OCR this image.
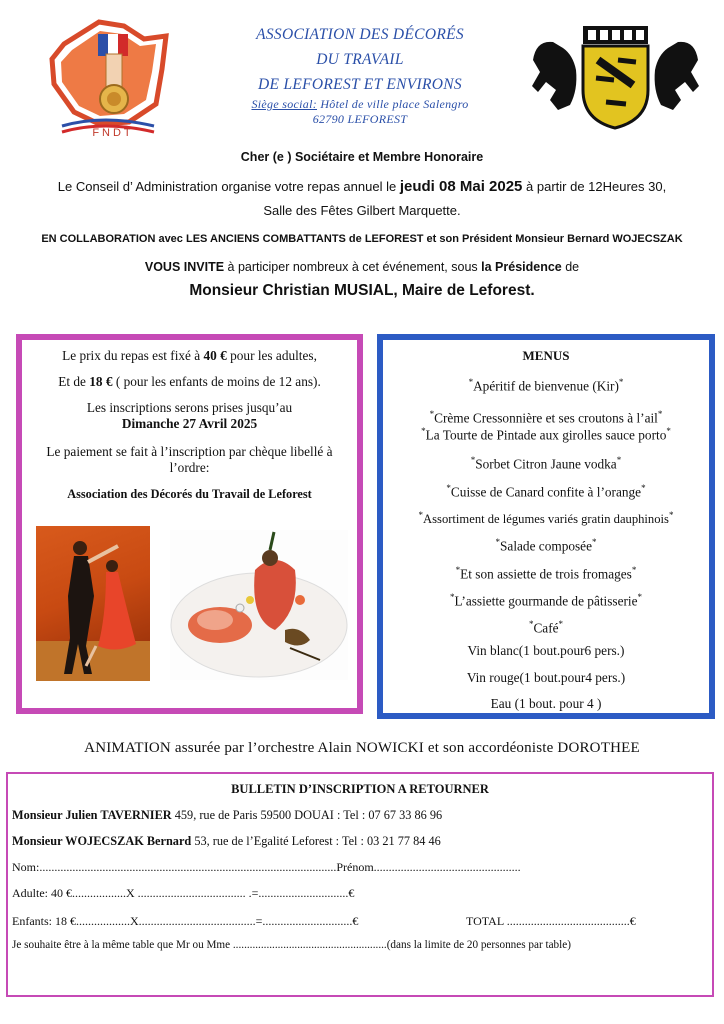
FNDT
ASSOCIATION DES DÉCORÉS
DU TRAVAIL
DE LEFOREST ET ENVIRONS
Siège social: Hôtel de ville place Salengro
62790 LEFOREST
Cher (e ) Sociétaire et Membre Honoraire
Le Conseil d’ Administration organise votre repas annuel le jeudi 08 Mai 2025 à partir de 12Heures 30,
Salle des Fêtes Gilbert Marquette.
EN COLLABORATION avec LES ANCIENS COMBATTANTS de LEFOREST et son Président Monsieur Bernard WOJECSZAK
VOUS INVITE à participer nombreux à cet événement, sous la Présidence de
Monsieur Christian MUSIAL, Maire de Leforest.
Le prix du repas est fixé à 40 € pour les adultes,
Et de 18 € ( pour les enfants de moins de 12 ans).
Les inscriptions serons prises jusqu’au
Dimanche 27 Avril 2025
Le paiement se fait à l’inscription par chèque libellé à
l’ordre:
Association des Décorés du Travail de Leforest
MENUS
*Apéritif de bienvenue (Kir)*
*Crème Cressonnière et ses croutons à l’ail*
*La Tourte de Pintade aux girolles sauce porto*
*Sorbet Citron Jaune vodka*
*Cuisse de Canard confite à l’orange*
*Assortiment de légumes variés gratin dauphinois*
*Salade composée*
*Et son assiette de trois fromages*
*L’assiette gourmande de pâtisserie*
*Café*
Vin blanc(1 bout.pour6 pers.)
Vin rouge(1 bout.pour4 pers.)
Eau (1 bout. pour 4 )
ANIMATION assurée par l’orchestre Alain NOWICKI et son accordéoniste DOROTHEE
BULLETIN D’INSCRIPTION A RETOURNER
Monsieur Julien TAVERNIER 459, rue de Paris 59500 DOUAI : Tel : 07 67 33 86 96
Monsieur WOJECSZAK Bernard 53, rue de l’Egalité Leforest : Tel : 03 21 77 84 46
Nom:...................................................................................................Prénom.................................................
Adulte: 40 €..................X .................................... .=..............................€
Enfants: 18 €..................X.......................................=..............................€	TOTAL .........................................€
Je souhaite être à la même table que Mr ou Mme .......................................................(dans la limite de 20 personnes par table)
